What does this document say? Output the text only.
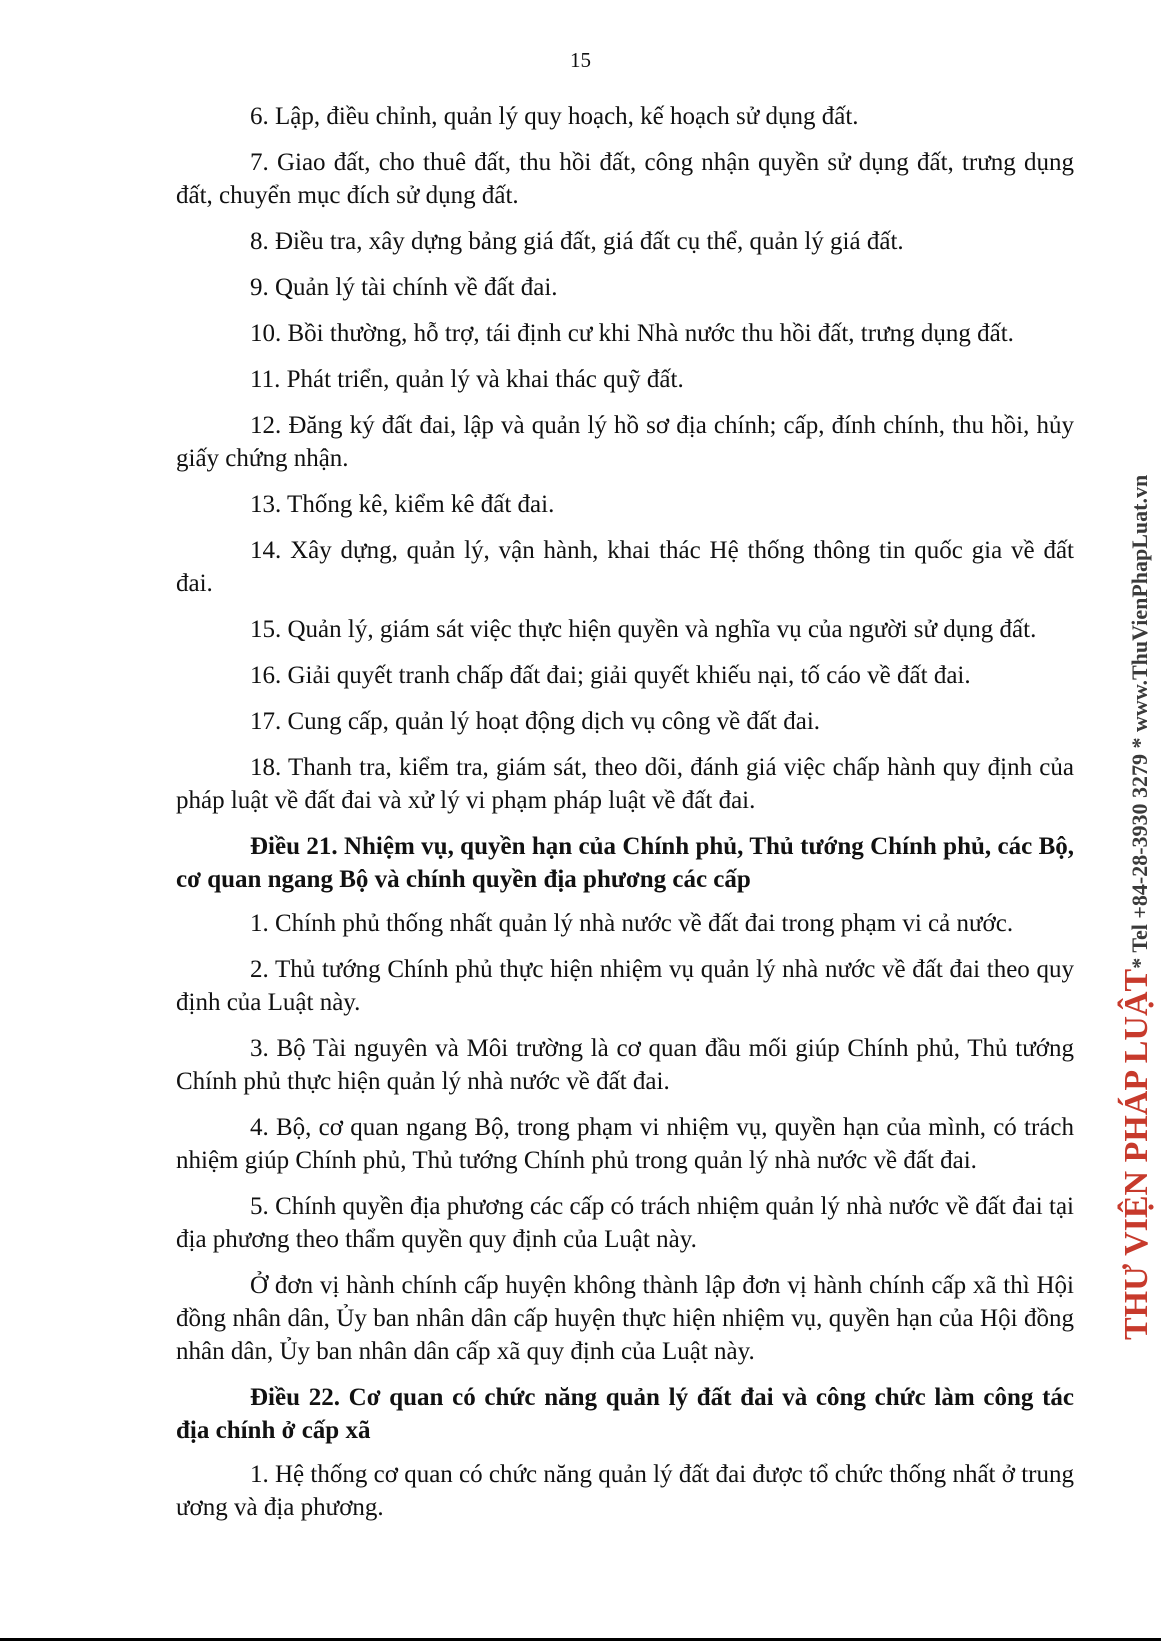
15

6. Lập, điều chỉnh, quản lý quy hoạch, kế hoạch sử dụng đất.

7. Giao đất, cho thuê đất, thu hồi đất, công nhận quyền sử dụng đất, trưng dụng đất, chuyển mục đích sử dụng đất.

8. Điều tra, xây dựng bảng giá đất, giá đất cụ thể, quản lý giá đất.

9. Quản lý tài chính về đất đai.

10. Bồi thường, hỗ trợ, tái định cư khi Nhà nước thu hồi đất, trưng dụng đất.

11. Phát triển, quản lý và khai thác quỹ đất.

12. Đăng ký đất đai, lập và quản lý hồ sơ địa chính; cấp, đính chính, thu hồi, hủy giấy chứng nhận.

13. Thống kê, kiểm kê đất đai.

14. Xây dựng, quản lý, vận hành, khai thác Hệ thống thông tin quốc gia về đất đai.

15. Quản lý, giám sát việc thực hiện quyền và nghĩa vụ của người sử dụng đất.

16. Giải quyết tranh chấp đất đai; giải quyết khiếu nại, tố cáo về đất đai.

17. Cung cấp, quản lý hoạt động dịch vụ công về đất đai.

18. Thanh tra, kiểm tra, giám sát, theo dõi, đánh giá việc chấp hành quy định của pháp luật về đất đai và xử lý vi phạm pháp luật về đất đai.

Điều 21. Nhiệm vụ, quyền hạn của Chính phủ, Thủ tướng Chính phủ, các Bộ, cơ quan ngang Bộ và chính quyền địa phương các cấp

1. Chính phủ thống nhất quản lý nhà nước về đất đai trong phạm vi cả nước.

2. Thủ tướng Chính phủ thực hiện nhiệm vụ quản lý nhà nước về đất đai theo quy định của Luật này.

3. Bộ Tài nguyên và Môi trường là cơ quan đầu mối giúp Chính phủ, Thủ tướng Chính phủ thực hiện quản lý nhà nước về đất đai.

4. Bộ, cơ quan ngang Bộ, trong phạm vi nhiệm vụ, quyền hạn của mình, có trách nhiệm giúp Chính phủ, Thủ tướng Chính phủ trong quản lý nhà nước về đất đai.

5. Chính quyền địa phương các cấp có trách nhiệm quản lý nhà nước về đất đai tại địa phương theo thẩm quyền quy định của Luật này.

Ở đơn vị hành chính cấp huyện không thành lập đơn vị hành chính cấp xã thì Hội đồng nhân dân, Ủy ban nhân dân cấp huyện thực hiện nhiệm vụ, quyền hạn của Hội đồng nhân dân, Ủy ban nhân dân cấp xã quy định của Luật này.

Điều 22. Cơ quan có chức năng quản lý đất đai và công chức làm công tác địa chính ở cấp xã

1. Hệ thống cơ quan có chức năng quản lý đất đai được tổ chức thống nhất ở trung ương và địa phương.

THƯ VIỆN PHÁP LUẬT* Tel +84-28-3930 3279 * www.ThuVienPhapLuat.vn
